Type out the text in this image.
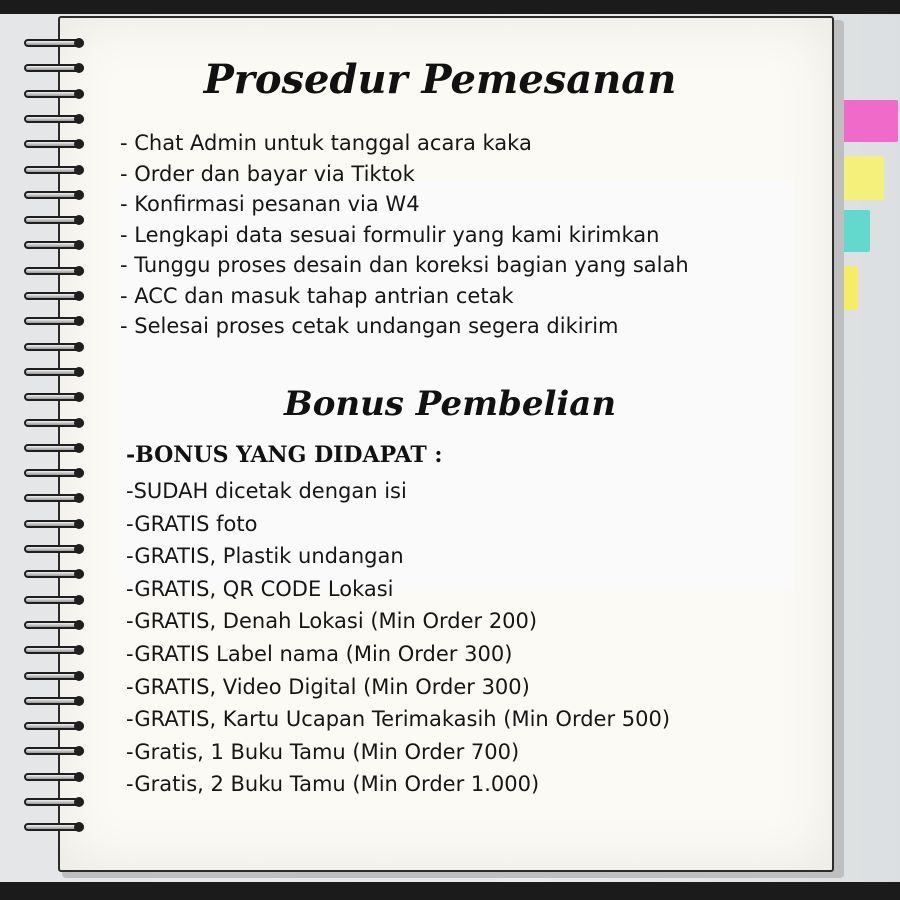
Prosedur Pemesanan
- Chat Admin untuk tanggal acara kaka
- Order dan bayar via Tiktok
- Konfirmasi pesanan via W4
- Lengkapi data sesuai formulir yang kami kirimkan
- Tunggu proses desain dan koreksi bagian yang salah
- ACC dan masuk tahap antrian cetak
- Selesai proses cetak undangan segera dikirim
Bonus Pembelian
-BONUS YANG DIDAPAT :
-SUDAH dicetak dengan isi
-GRATIS foto
-GRATIS, Plastik undangan
-GRATIS, QR CODE Lokasi
-GRATIS, Denah Lokasi (Min Order 200)
-GRATIS Label nama (Min Order 300)
-GRATIS, Video Digital (Min Order 300)
-GRATIS, Kartu Ucapan Terimakasih (Min Order 500)
-Gratis, 1 Buku Tamu (Min Order 700)
-Gratis, 2 Buku Tamu (Min Order 1.000)
